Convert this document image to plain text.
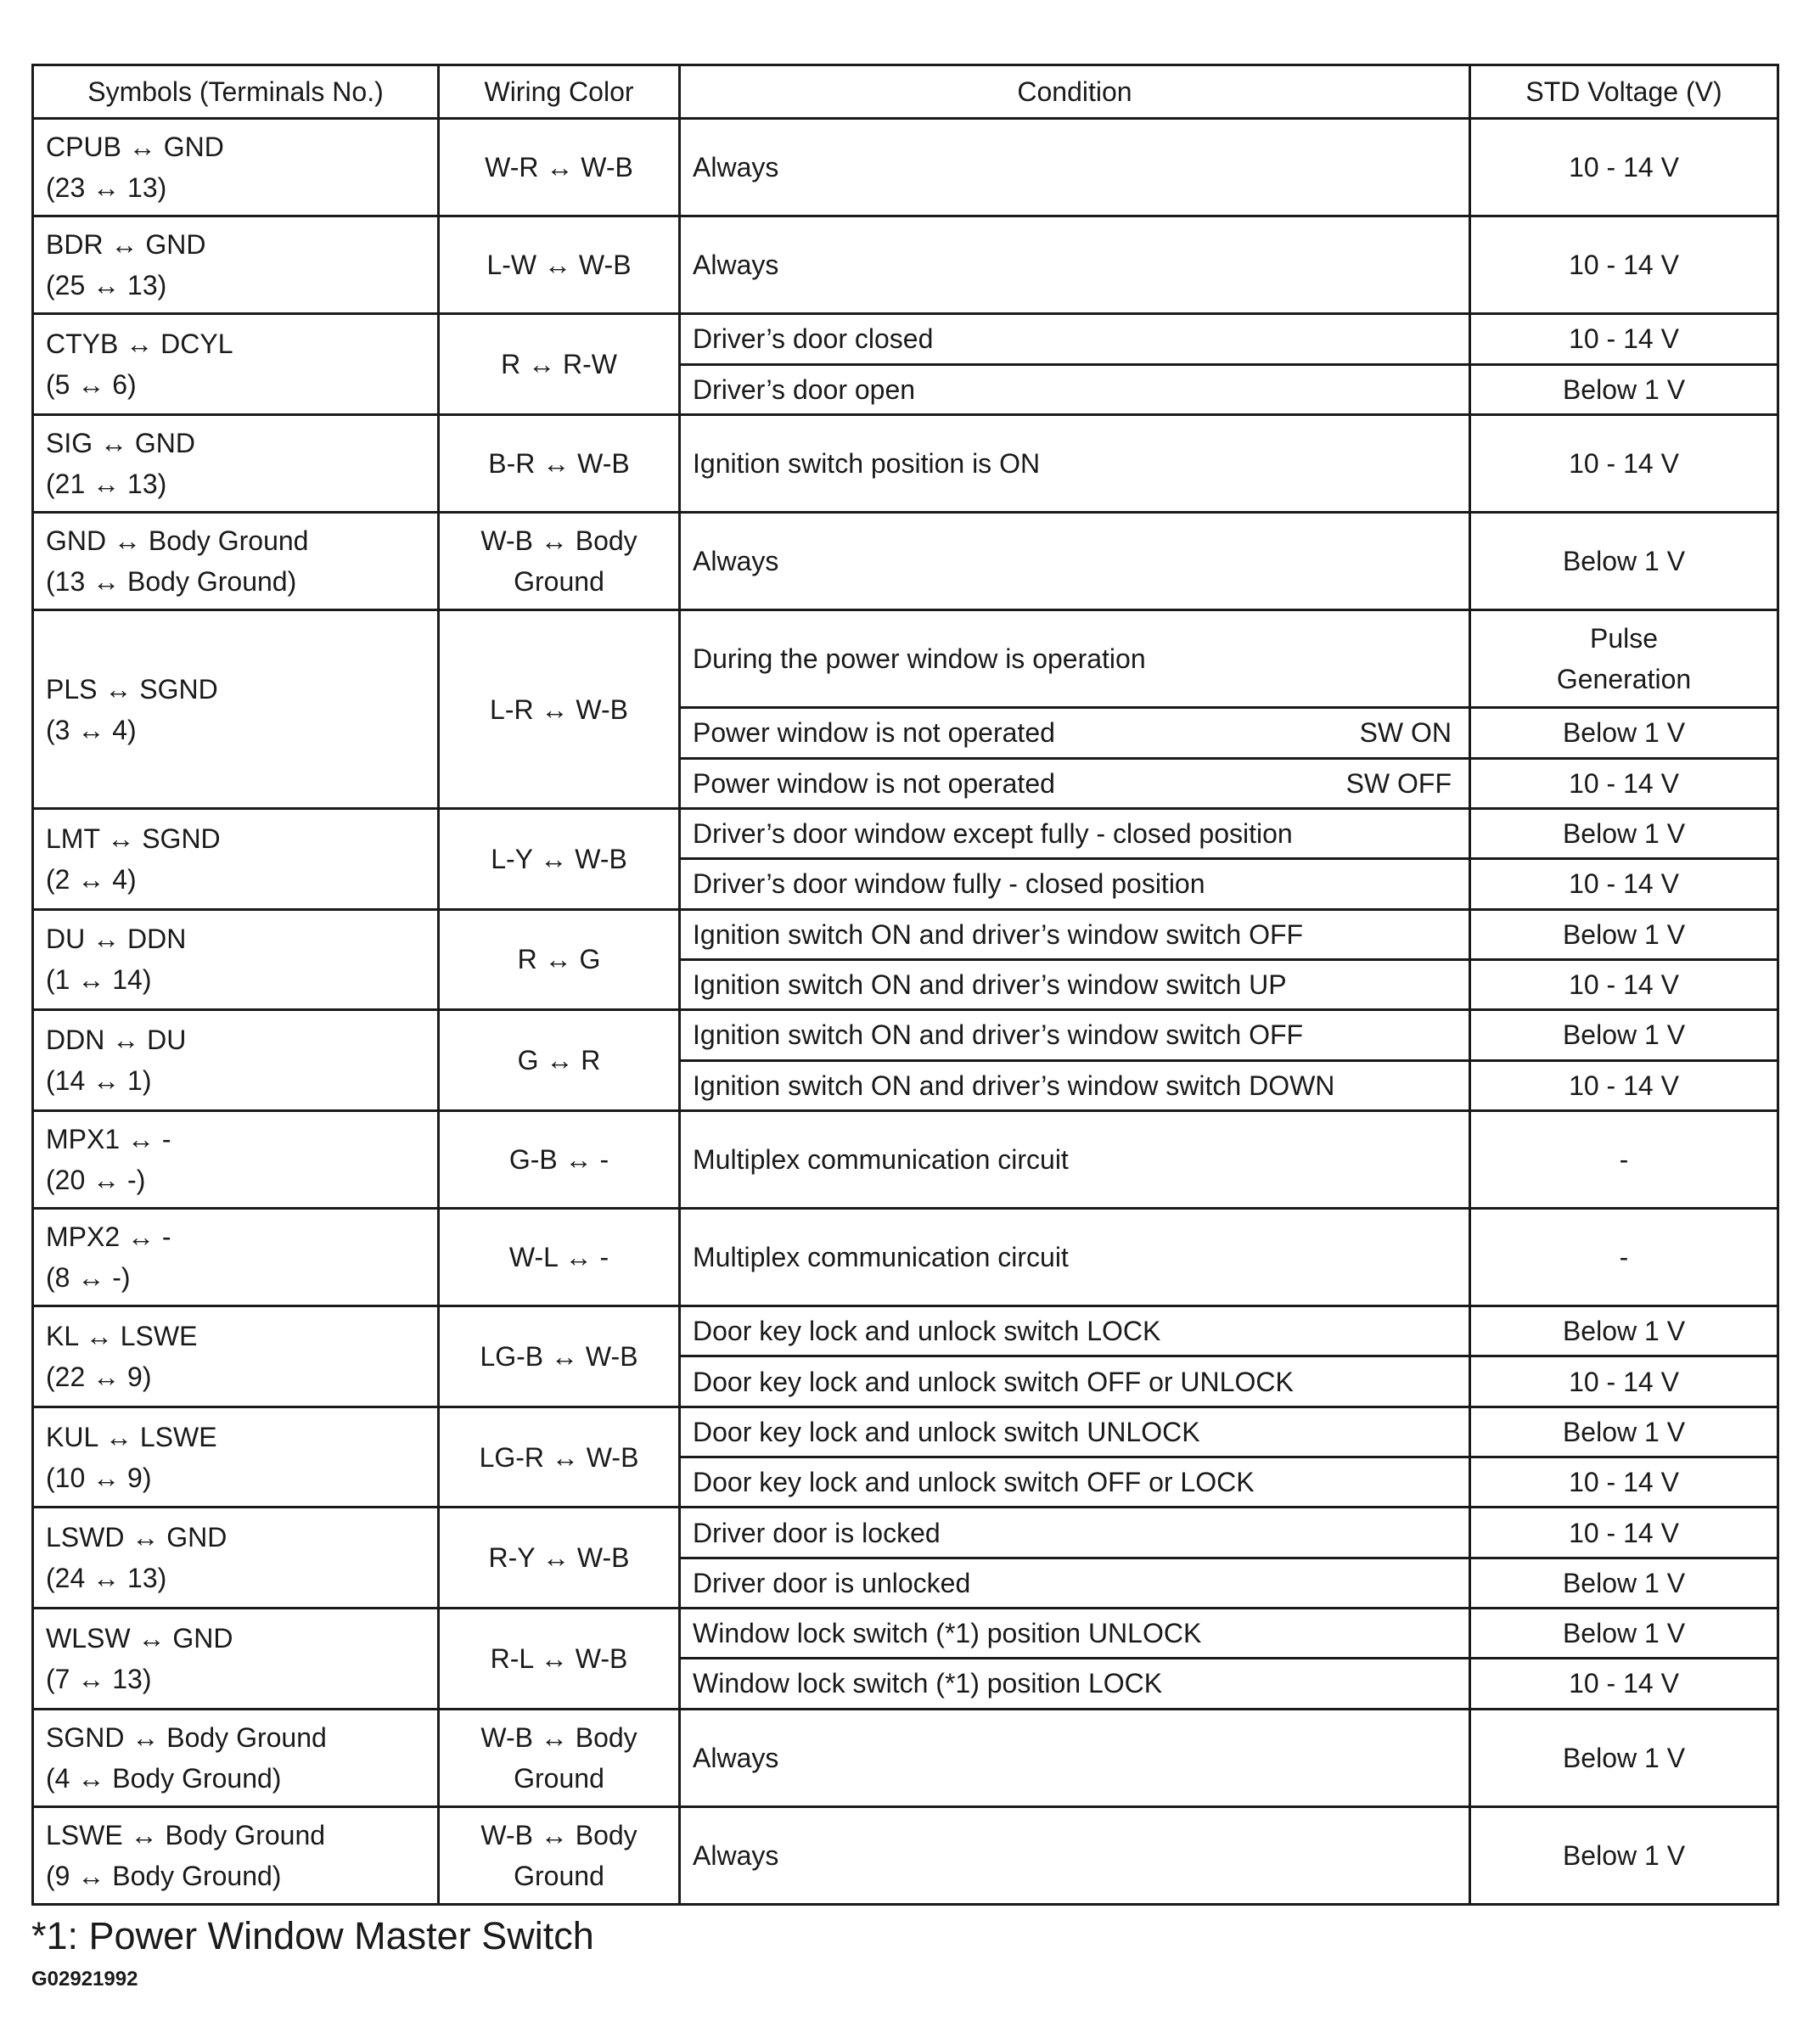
Symbols (Terminals No.)	Wiring Color	Condition	STD Voltage (V)

CPUB ↔ GND
(23 ↔ 13)	W-R ↔ W-B	Always	10 - 14 V

BDR ↔ GND
(25 ↔ 13)	L-W ↔ W-B	Always	10 - 14 V

CTYB ↔ DCYL
(5 ↔ 6)	R ↔ R-W	Driver’s door closed	10 - 14 V
		Driver’s door open	Below 1 V

SIG ↔ GND
(21 ↔ 13)	B-R ↔ W-B	Ignition switch position is ON	10 - 14 V

GND ↔ Body Ground
(13 ↔ Body Ground)	W-B ↔ Body
Ground	Always	Below 1 V

PLS ↔ SGND
(3 ↔ 4)	L-R ↔ W-B	During the power window is operation	Pulse
Generation

		Power window is not operated SW ON	Below 1 V

		Power window is not operated SW OFF	10 - 14 V

LMT ↔ SGND
(2 ↔ 4)	L-Y ↔ W-B	Driver’s door window except fully - closed position	Below 1 V
		Driver’s door window fully - closed position	10 - 14 V

DU ↔ DDN
(1 ↔ 14)	R ↔ G	Ignition switch ON and driver’s window switch OFF	Below 1 V
		Ignition switch ON and driver’s window switch UP	10 - 14 V

DDN ↔ DU
(14 ↔ 1)	G ↔ R	Ignition switch ON and driver’s window switch OFF	Below 1 V
		Ignition switch ON and driver’s window switch DOWN	10 - 14 V

MPX1 ↔ -
(20 ↔ -)	G-B ↔ -	Multiplex communication circuit	-

MPX2 ↔ -
(8 ↔ -)	W-L ↔ -	Multiplex communication circuit	-

KL ↔ LSWE
(22 ↔ 9)	LG-B ↔ W-B	Door key lock and unlock switch LOCK	Below 1 V
		Door key lock and unlock switch OFF or UNLOCK	10 - 14 V

KUL ↔ LSWE
(10 ↔ 9)	LG-R ↔ W-B	Door key lock and unlock switch UNLOCK	Below 1 V
		Door key lock and unlock switch OFF or LOCK	10 - 14 V

LSWD ↔ GND
(24 ↔ 13)	R-Y ↔ W-B	Driver door is locked	10 - 14 V
		Driver door is unlocked	Below 1 V

WLSW ↔ GND
(7 ↔ 13)	R-L ↔ W-B	Window lock switch (*1) position UNLOCK	Below 1 V
		Window lock switch (*1) position LOCK	10 - 14 V

SGND ↔ Body Ground
(4 ↔ Body Ground)	W-B ↔ Body
Ground	Always	Below 1 V

LSWE ↔ Body Ground
(9 ↔ Body Ground)	W-B ↔ Body
Ground	Always	Below 1 V
*1: Power Window Master Switch
G02921992
